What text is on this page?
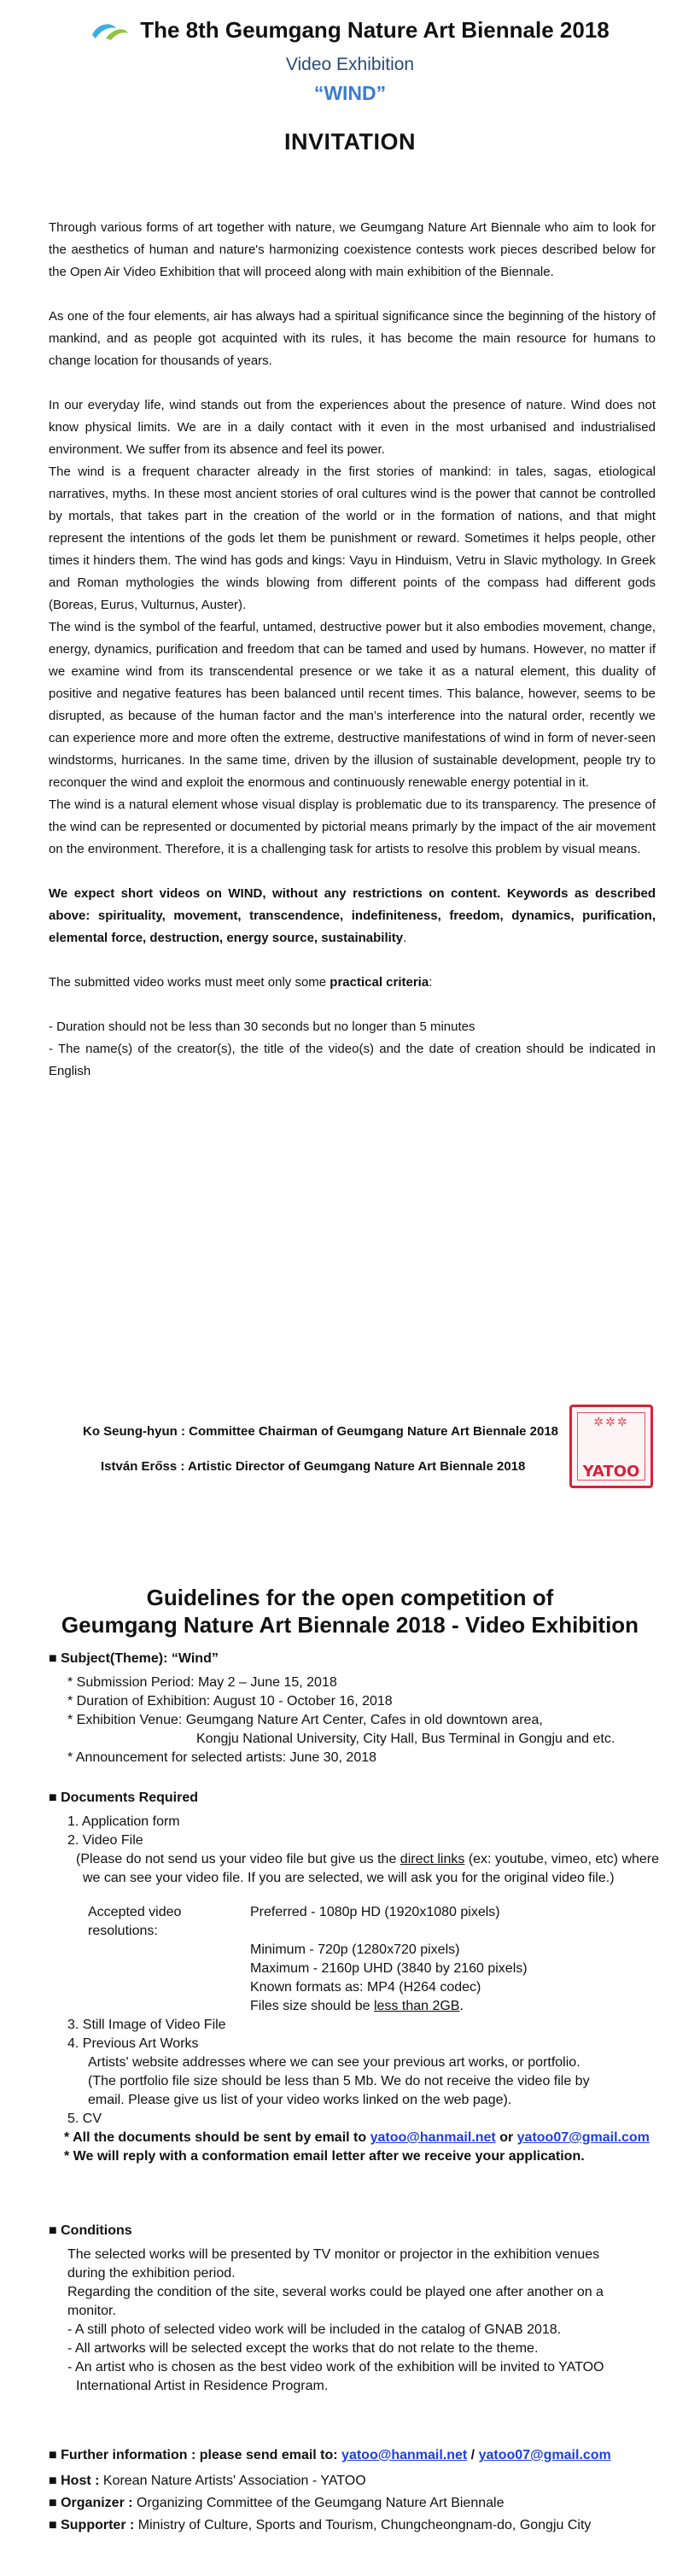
The 8th Geumgang Nature Art Biennale 2018
Video Exhibition
“WIND”
INVITATION

Through various forms of art together with nature, we Geumgang Nature Art Biennale who aim to look for the aesthetics of human and nature's harmonizing coexistence contests work pieces described below for the Open Air Video Exhibition that will proceed along with main exhibition of the Biennale.

As one of the four elements, air has always had a spiritual significance since the beginning of the history of mankind, and as people got acquinted with its rules, it has become the main resource for humans to change location for thousands of years.

In our everyday life, wind stands out from the experiences about the presence of nature. Wind does not know physical limits. We are in a daily contact with it even in the most urbanised and industrialised environment. We suffer from its absence and feel its power.

The wind is a frequent character already in the first stories of mankind: in tales, sagas, etiological narratives, myths. In these most ancient stories of oral cultures wind is the power that cannot be controlled by mortals, that takes part in the creation of the world or in the formation of nations, and that might represent the intentions of the gods let them be punishment or reward. Sometimes it helps people, other times it hinders them. The wind has gods and kings: Vayu in Hinduism, Vetru in Slavic mythology. In Greek and Roman mythologies the winds blowing from different points of the compass had different gods (Boreas, Eurus, Vulturnus, Auster).

The wind is the symbol of the fearful, untamed, destructive power but it also embodies movement, change, energy, dynamics, purification and freedom that can be tamed and used by humans. However, no matter if we examine wind from its transcendental presence or we take it as a natural element, this duality of positive and negative features has been balanced until recent times. This balance, however, seems to be disrupted, as because of the human factor and the man’s interference into the natural order, recently we can experience more and more often the extreme, destructive manifestations of wind in form of never-seen windstorms, hurricanes. In the same time, driven by the illusion of sustainable development, people try to reconquer the wind and exploit the enormous and continuously renewable energy potential in it.

The wind is a natural element whose visual display is problematic due to its transparency. The presence of the wind can be represented or documented by pictorial means primarly by the impact of the air movement on the environment. Therefore, it is a challenging task for artists to resolve this problem by visual means.

We expect short videos on WIND, without any restrictions on content. Keywords as described above: spirituality, movement, transcendence, indefiniteness, freedom, dynamics, purification, elemental force, destruction, energy source, sustainability.

The submitted video works must meet only some practical criteria:

- Duration should not be less than 30 seconds but no longer than 5 minutes

- The name(s) of the creator(s), the title of the video(s) and the date of creation should be indicated in English

Ko Seung-hyun : Committee Chairman of Geumgang Nature Art Biennale 2018
István Erőss : Artistic Director of Geumgang Nature Art Biennale 2018
✲✲✲
YATOO
Guidelines for the open competition of
Geumgang Nature Art Biennale 2018 - Video Exhibition
■ Subject(Theme): “Wind”
* Submission Period: May 2 – June 15, 2018
* Duration of Exhibition: August 10 - October 16, 2018
* Exhibition Venue: Geumgang Nature Art Center, Cafes in old downtown area,
Kongju National University, City Hall, Bus Terminal in Gongju and etc.
* Announcement for selected artists: June 30, 2018
■ Documents Required
1. Application form
2. Video File
(Please do not send us your video file but give us the direct links (ex: youtube, vimeo, etc) where
we can see your video file. If you are selected, we will ask you for the original video file.)
Accepted video resolutions:
Preferred - 1080p HD (1920x1080 pixels)
Minimum - 720p (1280x720 pixels)
Maximum - 2160p UHD (3840 by 2160 pixels)
Known formats as: MP4 (H264 codec)
Files size should be less than 2GB.
3. Still Image of Video File
4. Previous Art Works
Artists' website addresses where we can see your previous art works, or portfolio.
(The portfolio file size should be less than 5 Mb. We do not receive the video file by
email. Please give us list of your video works linked on the web page).
5. CV
* All the documents should be sent by email to yatoo@hanmail.net or yatoo07@gmail.com
* We will reply with a conformation email letter after we receive your application.
■ Conditions
The selected works will be presented by TV monitor or projector in the exhibition venues
during the exhibition period.
Regarding the condition of the site, several works could be played one after another on a
monitor.
- A still photo of selected video work will be included in the catalog of GNAB 2018.
- All artworks will be selected except the works that do not relate to the theme.
- An artist who is chosen as the best video work of the exhibition will be invited to YATOO
International Artist in Residence Program.
■ Further information : please send email to: yatoo@hanmail.net / yatoo07@gmail.com
■ Host : Korean Nature Artists' Association - YATOO
■ Organizer : Organizing Committee of the Geumgang Nature Art Biennale
■ Supporter : Ministry of Culture, Sports and Tourism, Chungcheongnam-do, Gongju City
